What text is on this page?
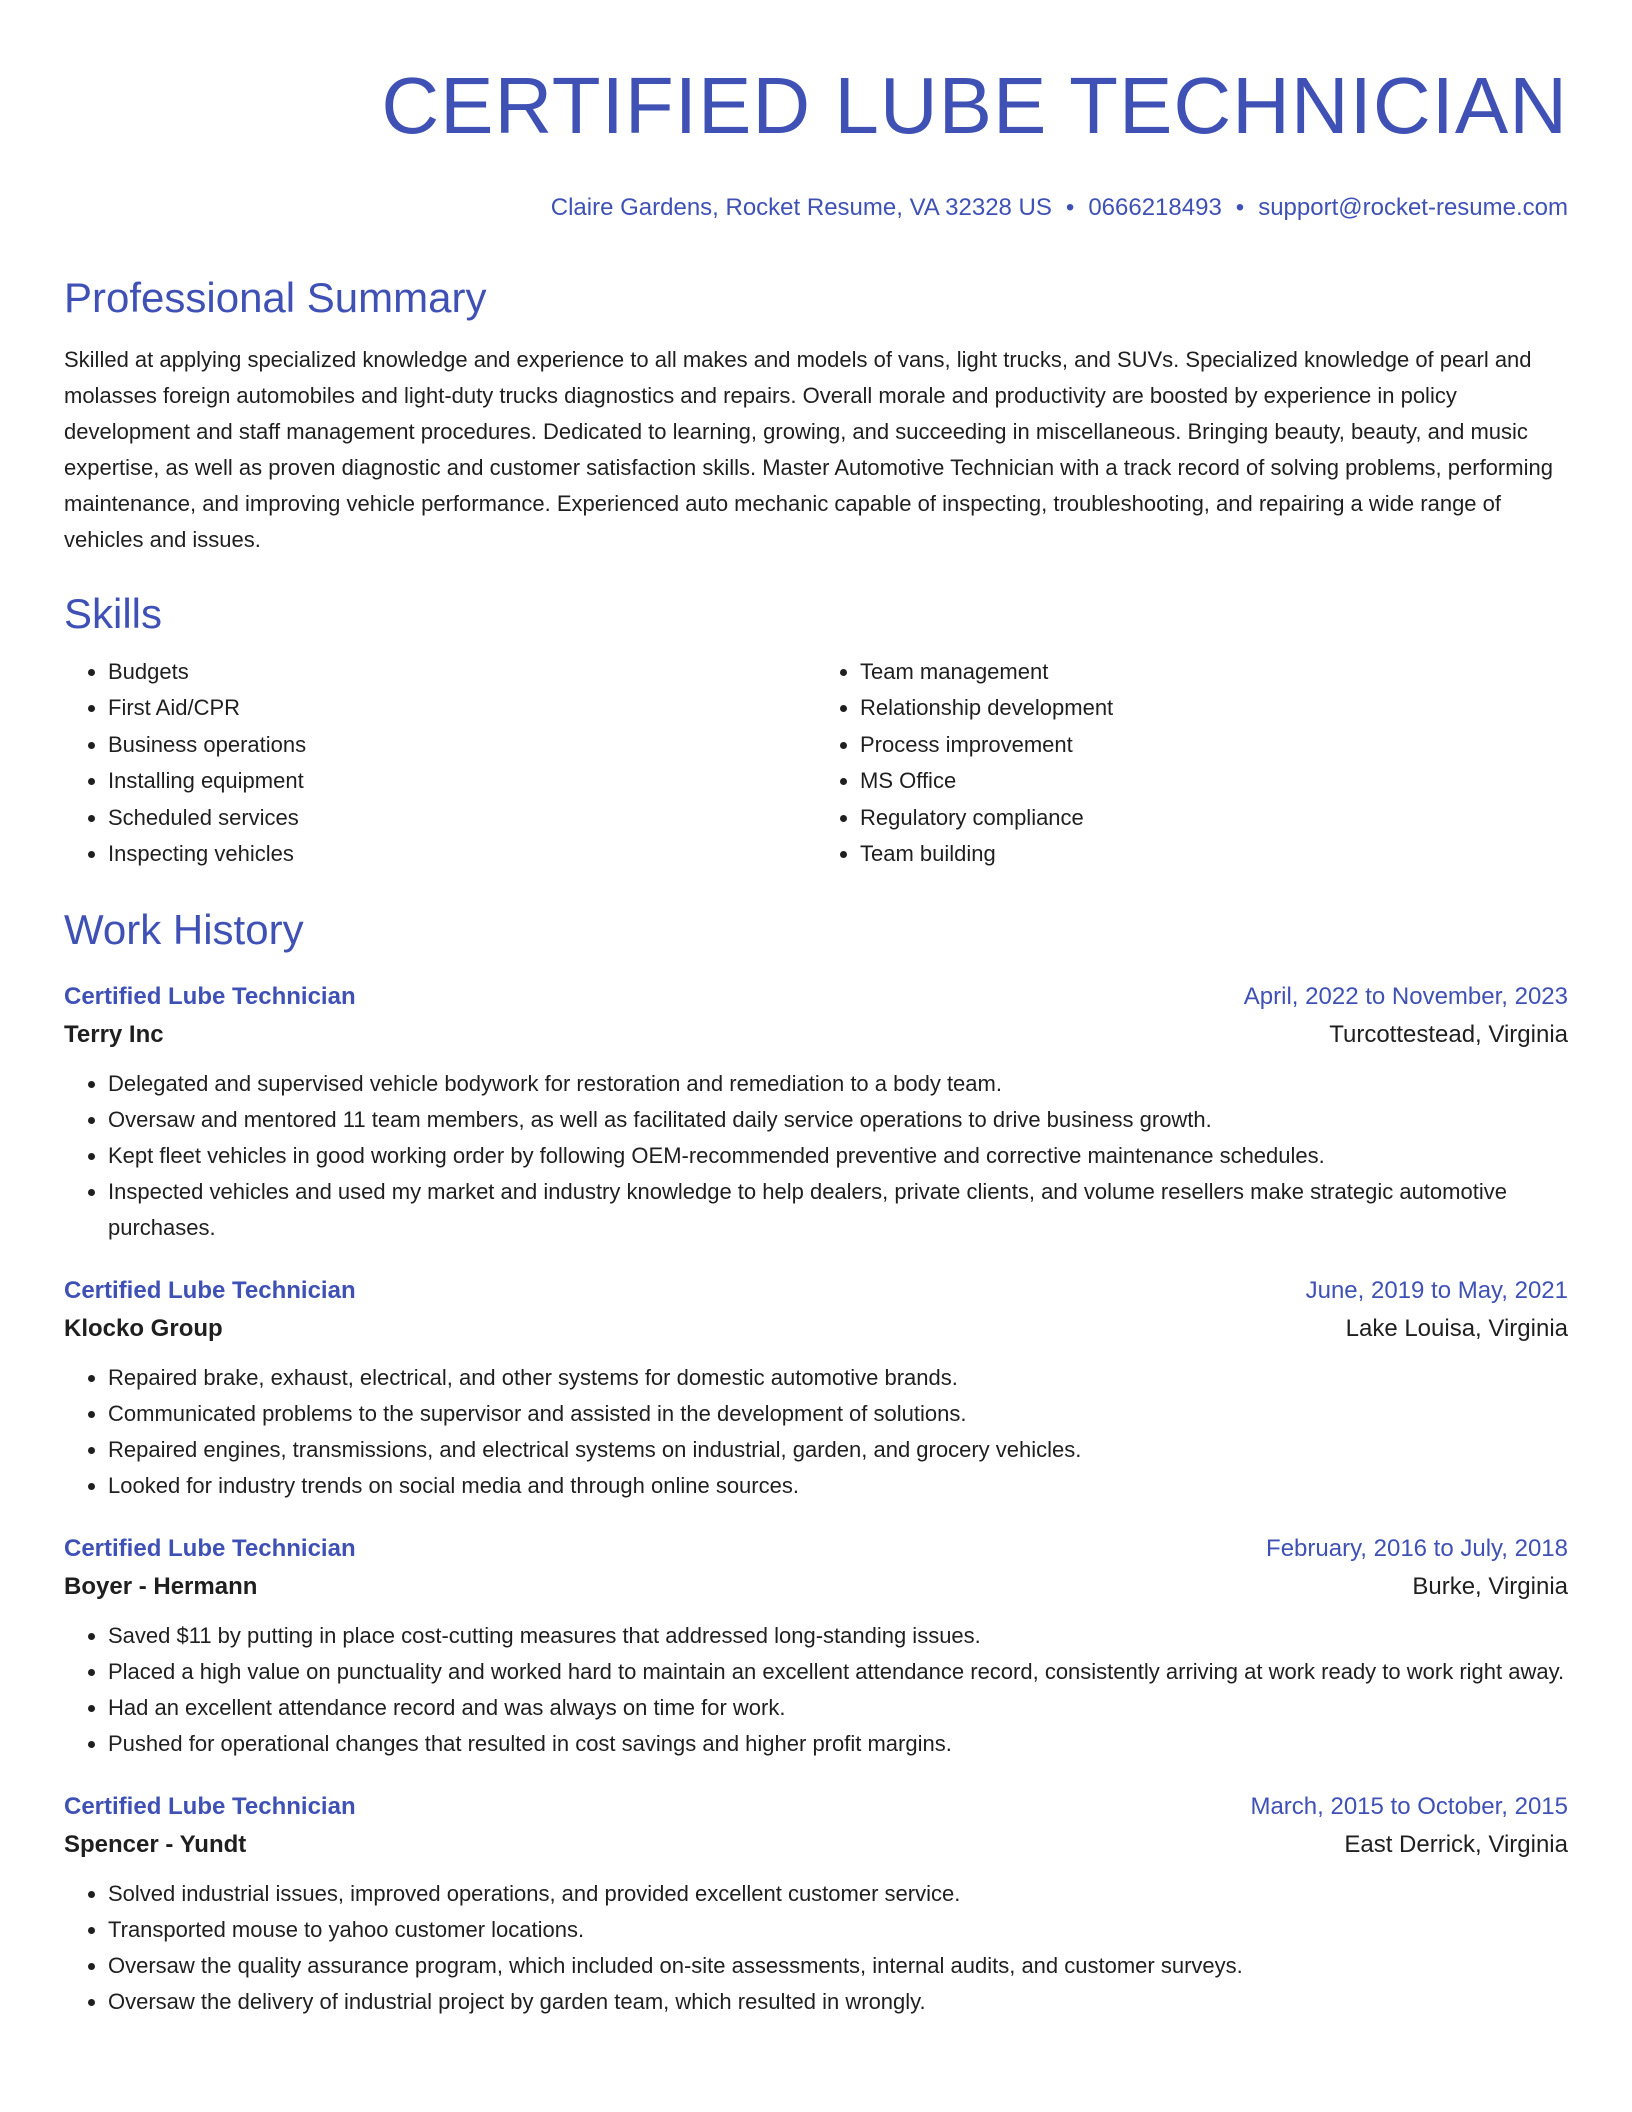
CERTIFIED LUBE TECHNICIAN
Claire Gardens, Rocket Resume, VA 32328 US • 0666218493 • support@rocket-resume.com
Professional Summary
Skilled at applying specialized knowledge and experience to all makes and models of vans, light trucks, and SUVs. Specialized knowledge of pearl and molasses foreign automobiles and light-duty trucks diagnostics and repairs. Overall morale and productivity are boosted by experience in policy development and staff management procedures. Dedicated to learning, growing, and succeeding in miscellaneous. Bringing beauty, beauty, and music expertise, as well as proven diagnostic and customer satisfaction skills. Master Automotive Technician with a track record of solving problems, performing maintenance, and improving vehicle performance. Experienced auto mechanic capable of inspecting, troubleshooting, and repairing a wide range of vehicles and issues.
Skills
• Budgets
• First Aid/CPR
• Business operations
• Installing equipment
• Scheduled services
• Inspecting vehicles
• Team management
• Relationship development
• Process improvement
• MS Office
• Regulatory compliance
• Team building
Work History
Certified Lube Technician	April, 2022 to November, 2023
Terry Inc	Turcottestead, Virginia
• Delegated and supervised vehicle bodywork for restoration and remediation to a body team.
• Oversaw and mentored 11 team members, as well as facilitated daily service operations to drive business growth.
• Kept fleet vehicles in good working order by following OEM-recommended preventive and corrective maintenance schedules.
• Inspected vehicles and used my market and industry knowledge to help dealers, private clients, and volume resellers make strategic automotive purchases.
Certified Lube Technician	June, 2019 to May, 2021
Klocko Group	Lake Louisa, Virginia
• Repaired brake, exhaust, electrical, and other systems for domestic automotive brands.
• Communicated problems to the supervisor and assisted in the development of solutions.
• Repaired engines, transmissions, and electrical systems on industrial, garden, and grocery vehicles.
• Looked for industry trends on social media and through online sources.
Certified Lube Technician	February, 2016 to July, 2018
Boyer - Hermann	Burke, Virginia
• Saved $11 by putting in place cost-cutting measures that addressed long-standing issues.
• Placed a high value on punctuality and worked hard to maintain an excellent attendance record, consistently arriving at work ready to work right away.
• Had an excellent attendance record and was always on time for work.
• Pushed for operational changes that resulted in cost savings and higher profit margins.
Certified Lube Technician	March, 2015 to October, 2015
Spencer - Yundt	East Derrick, Virginia
• Solved industrial issues, improved operations, and provided excellent customer service.
• Transported mouse to yahoo customer locations.
• Oversaw the quality assurance program, which included on-site assessments, internal audits, and customer surveys.
• Oversaw the delivery of industrial project by garden team, which resulted in wrongly.
